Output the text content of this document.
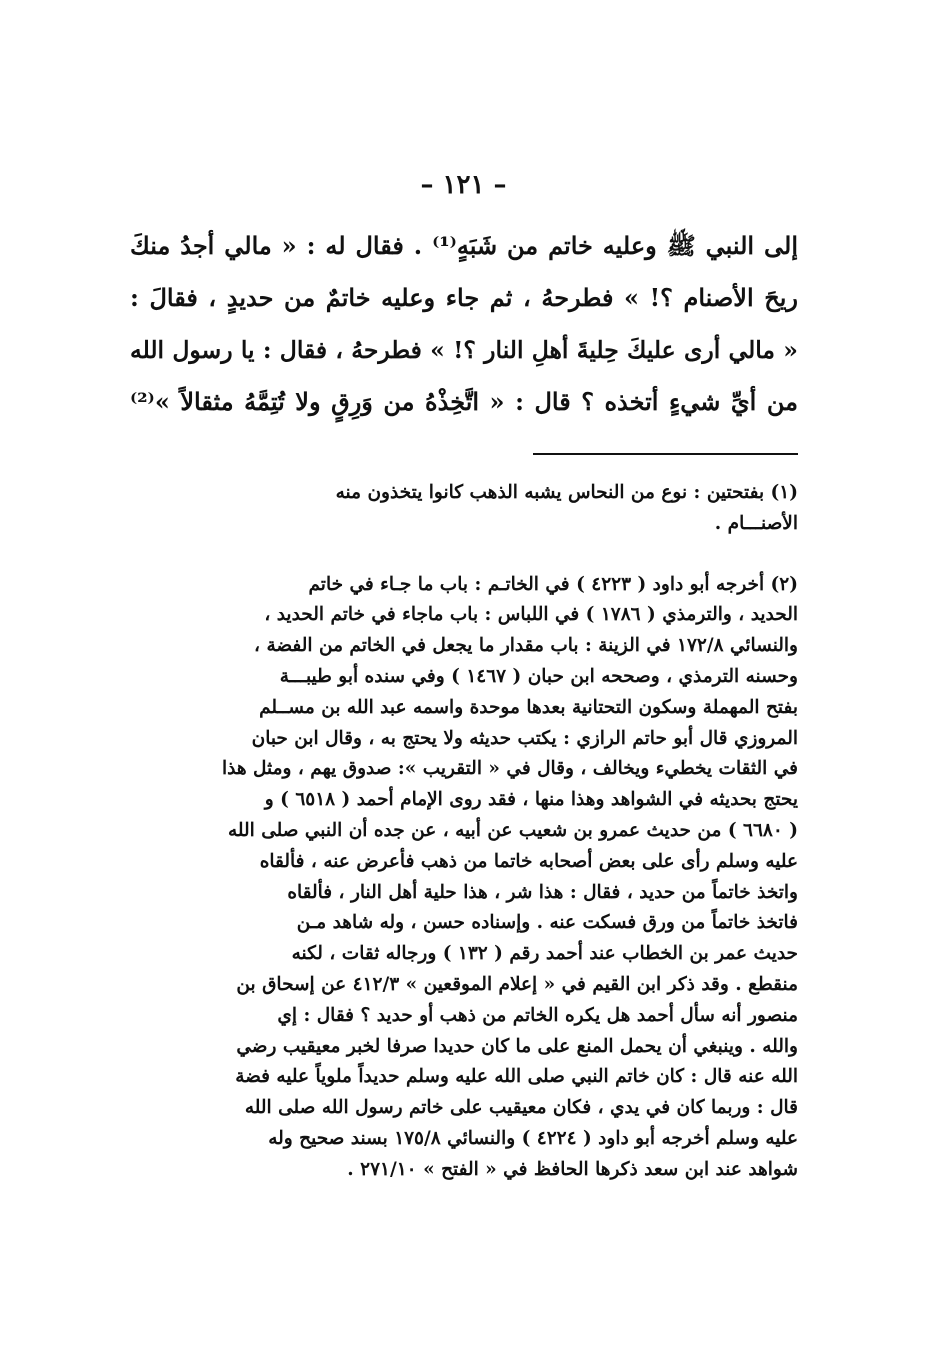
– ١٢١ –
إلى النبي ﷺ وعليه خاتم من شَبَهٍ⁽¹⁾ . فقال له : « مالي أجدُ منكَ
ريحَ الأصنام ؟! » فطرحهُ ، ثم جاء وعليه خاتمٌ من حديدٍ ، فقالَ :
« مالي أرى عليكَ حِليةَ أهلِ النار ؟! » فطرحهُ ، فقال : يا رسول الله
من أيِّ شيءٍ أتخذه ؟ قال : « اتَّخِذْهُ من وَرِقٍ ولا تُتِمَّهُ مثقالاً »⁽²⁾
(١) بفتحتين : نوع من النحاس يشبه الذهب كانوا يتخذون منه
الأصنـــام .
(٢) أخرجه أبو داود ( ٤٢٢٣ ) في الخاتـم : باب ما جـاء في خاتم
الحديد ، والترمذي ( ١٧٨٦ ) في اللباس : باب ماجاء في خاتم الحديد ،
والنسائي ١٧٢/٨ في الزينة : باب مقدار ما يجعل في الخاتم من الفضة ،
وحسنه الترمذي ، وصححه ابن حبان ( ١٤٦٧ ) وفي سنده أبو طيبـــة
بفتح المهملة وسكون التحتانية بعدها موحدة واسمه عبد الله بن مســلم
المروزي قال أبو حاتم الرازي : يكتب حديثه ولا يحتج به ، وقال ابن حبان
في الثقات يخطيء ويخالف ، وقال في « التقريب »: صدوق يهم ، ومثل هذا
يحتج بحديثه في الشواهد وهذا منها ، فقد روى الإمام أحمد ( ٦٥١٨ ) و
( ٦٦٨٠ ) من حديث عمرو بن شعيب عن أبيه ، عن جده أن النبي صلى الله
عليه وسلم رأى على بعض أصحابه خاتما من ذهب فأعرض عنه ، فألقاه
واتخذ خاتماً من حديد ، فقال : هذا شر ، هذا حلية أهل النار ، فألقاه
فاتخذ خاتماً من ورق فسكت عنه . وإسناده حسن ، وله شاهد مـن
حديث عمر بن الخطاب عند أحمد رقم ( ١٣٢ ) ورجاله ثقات ، لكنه
منقطع . وقد ذكر ابن القيم في « إعلام الموقعين » ٤١٢/٣ عن إسحاق بن
منصور أنه سأل أحمد هل يكره الخاتم من ذهب أو حديد ؟ فقال : إي
والله . وينبغي أن يحمل المنع على ما كان حديدا صرفا لخبر معيقيب رضي
الله عنه قال : كان خاتم النبي صلى الله عليه وسلم حديداً ملوياً عليه فضة
قال : وربما كان في يدي ، فكان معيقيب على خاتم رسول الله صلى الله
عليه وسلم أخرجه أبو داود ( ٤٢٢٤ ) والنسائي ١٧٥/٨ بسند صحيح وله
شواهد عند ابن سعد ذكرها الحافظ في « الفتح » ٢٧١/١٠ .
